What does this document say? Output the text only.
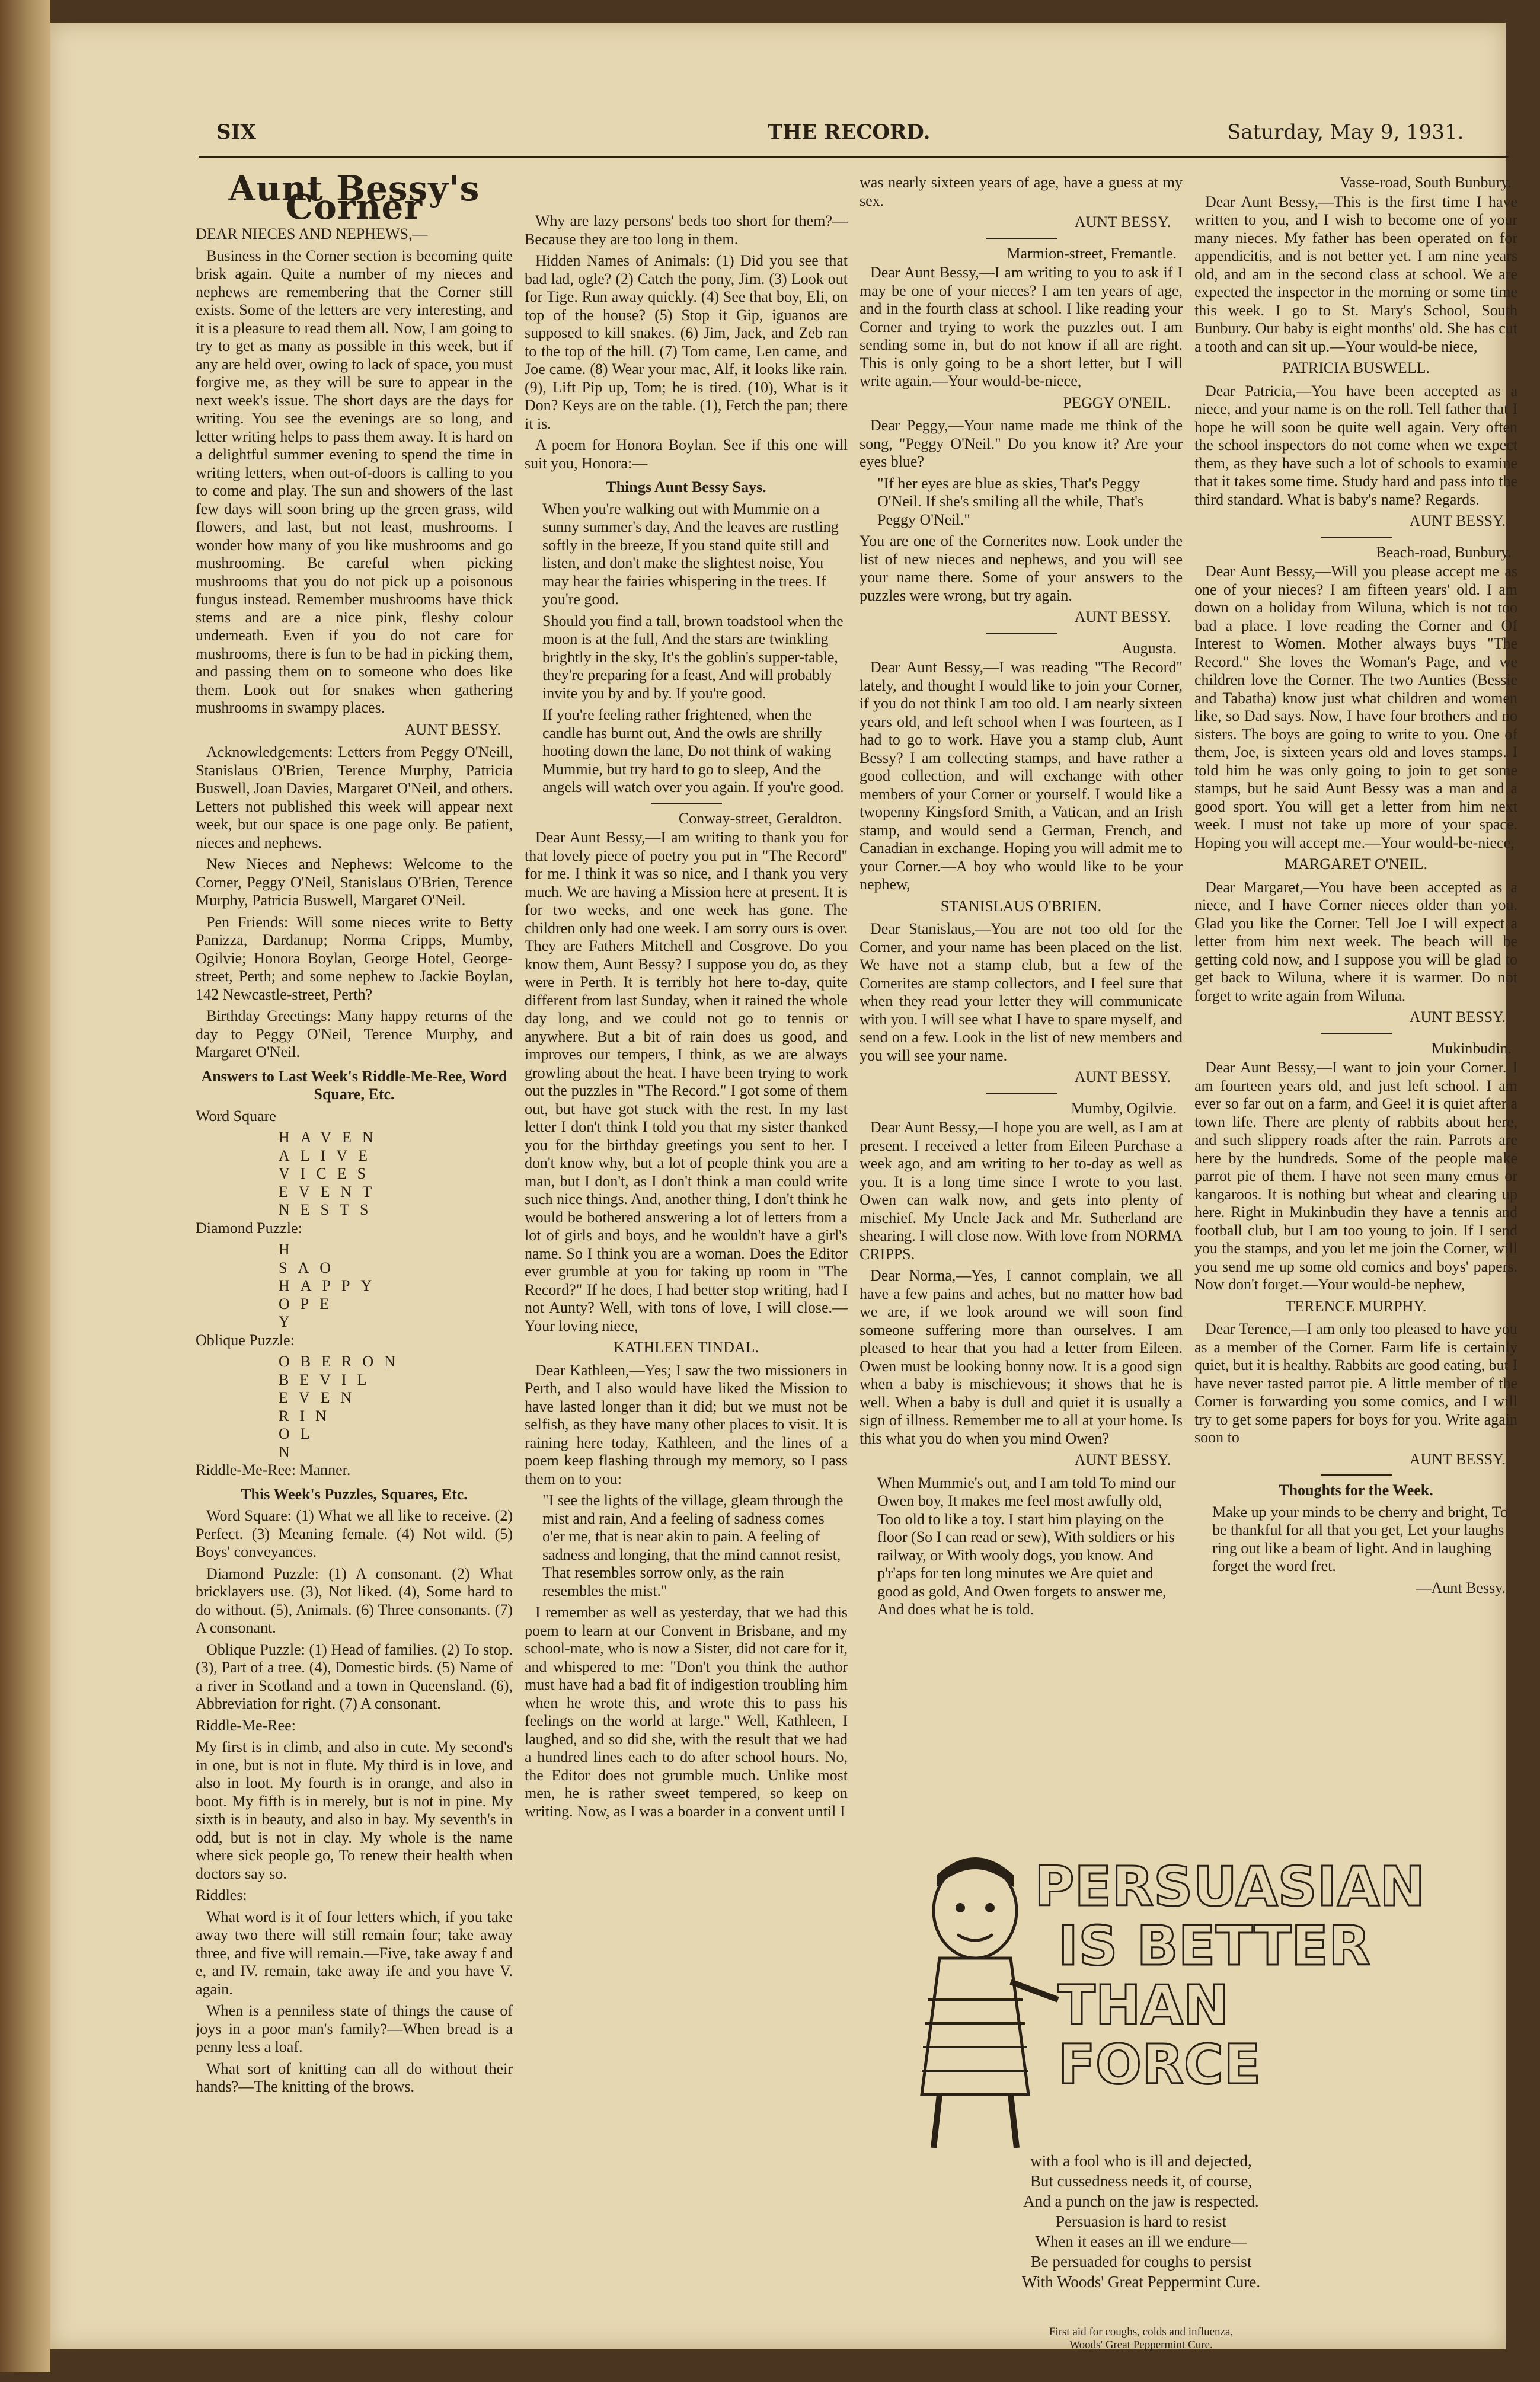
SIX	THE RECORD.	Saturday, May 9, 1931.
Aunt Bessy's Corner

DEAR NIECES AND NEPHEWS,—

Business in the Corner section is becoming quite brisk again. Quite a number of my nieces and nephews are remembering that the Corner still exists. Some of the letters are very interesting, and it is a pleasure to read them all. Now, I am going to try to get as many as possible in this week, but if any are held over, owing to lack of space, you must forgive me, as they will be sure to appear in the next week's issue. The short days are the days for writing. You see the evenings are so long, and letter writing helps to pass them away. It is hard on a delightful summer evening to spend the time in writing letters, when out-of-doors is calling to you to come and play. The sun and showers of the last few days will soon bring up the green grass, wild flowers, and last, but not least, mushrooms. I wonder how many of you like mushrooms and go mushrooming. Be careful when picking mushrooms that you do not pick up a poisonous fungus instead. Remember mushrooms have thick stems and are a nice pink, fleshy colour underneath. Even if you do not care for mushrooms, there is fun to be had in picking them, and passing them on to someone who does like them. Look out for snakes when gathering mushrooms in swampy places.

AUNT BESSY.

Acknowledgements: Letters from Peggy O'Neill, Stanislaus O'Brien, Terence Murphy, Patricia Buswell, Joan Davies, Margaret O'Neil, and others. Letters not published this week will appear next week, but our space is one page only. Be patient, nieces and nephews.

New Nieces and Nephews: Welcome to the Corner, Peggy O'Neil, Stanislaus O'Brien, Terence Murphy, Patricia Buswell, Margaret O'Neil.

Pen Friends: Will some nieces write to Betty Panizza, Dardanup; Norma Cripps, Mumby, Ogilvie; Honora Boylan, George Hotel, George-street, Perth; and some nephew to Jackie Boylan, 142 Newcastle-street, Perth?

Birthday Greetings: Many happy returns of the day to Peggy O'Neil, Terence Murphy, and Margaret O'Neil.

Answers to Last Week's Riddle-Me-Ree, Word Square, Etc.

Word Square

HAVEN
ALIVE
VICES
EVENT
NESTS

Diamond Puzzle:

H
SAO
HAPPY
OPE
Y

Oblique Puzzle:

OBERON
BEVIL
EVEN
RIN
OL
N

Riddle-Me-Ree: Manner.

This Week's Puzzles, Squares, Etc.

Word Square: (1) What we all like to receive. (2) Perfect. (3) Meaning female. (4) Not wild. (5) Boys' conveyances.

Diamond Puzzle: (1) A consonant. (2) What bricklayers use. (3), Not liked. (4), Some hard to do without. (5), Animals. (6) Three consonants. (7) A consonant.

Oblique Puzzle: (1) Head of families. (2) To stop. (3), Part of a tree. (4), Domestic birds. (5) Name of a river in Scotland and a town in Queensland. (6), Abbreviation for right. (7) A consonant.

Riddle-Me-Ree:

My first is in climb, and also in cute. My second's in one, but is not in flute. My third is in love, and also in loot. My fourth is in orange, and also in boot. My fifth is in merely, but is not in pine. My sixth is in beauty, and also in bay. My seventh's in odd, but is not in clay. My whole is the name where sick people go, To renew their health when doctors say so.

Riddles:

What word is it of four letters which, if you take away two there will still remain four; take away three, and five will remain.—Five, take away f and e, and IV. remain, take away ife and you have V. again.

When is a penniless state of things the cause of joys in a poor man's family?—When bread is a penny less a loaf.

What sort of knitting can all do without their hands?—The knitting of the brows.

Why are lazy persons' beds too short for them?—Because they are too long in them.

Hidden Names of Animals: (1) Did you see that bad lad, ogle? (2) Catch the pony, Jim. (3) Look out for Tige. Run away quickly. (4) See that boy, Eli, on top of the house? (5) Stop it Gip, iguanos are supposed to kill snakes. (6) Jim, Jack, and Zeb ran to the top of the hill. (7) Tom came, Len came, and Joe came. (8) Wear your mac, Alf, it looks like rain. (9), Lift Pip up, Tom; he is tired. (10), What is it Don? Keys are on the table. (1), Fetch the pan; there it is.

A poem for Honora Boylan. See if this one will suit you, Honora:—

Things Aunt Bessy Says.
When you're walking out with Mummie on a sunny summer's day, And the leaves are rustling softly in the breeze, If you stand quite still and listen, and don't make the slightest noise, You may hear the fairies whispering in the trees. If you're good.
Should you find a tall, brown toadstool when the moon is at the full, And the stars are twinkling brightly in the sky, It's the goblin's supper-table, they're preparing for a feast, And will probably invite you by and by. If you're good.
If you're feeling rather frightened, when the candle has burnt out, And the owls are shrilly hooting down the lane, Do not think of waking Mummie, but try hard to go to sleep, And the angels will watch over you again. If you're good.
Conway-street, Geraldton.

Dear Aunt Bessy,—I am writing to thank you for that lovely piece of poetry you put in "The Record" for me. I think it was so nice, and I thank you very much. We are having a Mission here at present. It is for two weeks, and one week has gone. The children only had one week. I am sorry ours is over. They are Fathers Mitchell and Cosgrove. Do you know them, Aunt Bessy? I suppose you do, as they were in Perth. It is terribly hot here to-day, quite different from last Sunday, when it rained the whole day long, and we could not go to tennis or anywhere. But a bit of rain does us good, and improves our tempers, I think, as we are always growling about the heat. I have been trying to work out the puzzles in "The Record." I got some of them out, but have got stuck with the rest. In my last letter I don't think I told you that my sister thanked you for the birthday greetings you sent to her. I don't know why, but a lot of people think you are a man, but I don't, as I don't think a man could write such nice things. And, another thing, I don't think he would be bothered answering a lot of letters from a lot of girls and boys, and he wouldn't have a girl's name. So I think you are a woman. Does the Editor ever grumble at you for taking up room in "The Record?" If he does, I had better stop writing, had I not Aunty? Well, with tons of love, I will close.—Your loving niece,

KATHLEEN TINDAL.

Dear Kathleen,—Yes; I saw the two missioners in Perth, and I also would have liked the Mission to have lasted longer than it did; but we must not be selfish, as they have many other places to visit. It is raining here today, Kathleen, and the lines of a poem keep flashing through my memory, so I pass them on to you:

"I see the lights of the village, gleam through the mist and rain, And a feeling of sadness comes o'er me, that is near akin to pain. A feeling of sadness and longing, that the mind cannot resist, That resembles sorrow only, as the rain resembles the mist."

I remember as well as yesterday, that we had this poem to learn at our Convent in Brisbane, and my school-mate, who is now a Sister, did not care for it, and whispered to me: "Don't you think the author must have had a bad fit of indigestion troubling him when he wrote this, and wrote this to pass his feelings on the world at large." Well, Kathleen, I laughed, and so did she, with the result that we had a hundred lines each to do after school hours. No, the Editor does not grumble much. Unlike most men, he is rather sweet tempered, so keep on writing. Now, as I was a boarder in a convent until I

was nearly sixteen years of age, have a guess at my sex.

AUNT BESSY.
Marmion-street, Fremantle.

Dear Aunt Bessy,—I am writing to you to ask if I may be one of your nieces? I am ten years of age, and in the fourth class at school. I like reading your Corner and trying to work the puzzles out. I am sending some in, but do not know if all are right. This is only going to be a short letter, but I will write again.—Your would-be-niece,

PEGGY O'NEIL.

Dear Peggy,—Your name made me think of the song, "Peggy O'Neil." Do you know it? Are your eyes blue?

"If her eyes are blue as skies, That's Peggy O'Neil. If she's smiling all the while, That's Peggy O'Neil."

You are one of the Cornerites now. Look under the list of new nieces and nephews, and you will see your name there. Some of your answers to the puzzles were wrong, but try again.

AUNT BESSY.
Augusta.

Dear Aunt Bessy,—I was reading "The Record" lately, and thought I would like to join your Corner, if you do not think I am too old. I am nearly sixteen years old, and left school when I was fourteen, as I had to go to work. Have you a stamp club, Aunt Bessy? I am collecting stamps, and have rather a good collection, and will exchange with other members of your Corner or yourself. I would like a twopenny Kingsford Smith, a Vatican, and an Irish stamp, and would send a German, French, and Canadian in exchange. Hoping you will admit me to your Corner.—A boy who would like to be your nephew,

STANISLAUS O'BRIEN.

Dear Stanislaus,—You are not too old for the Corner, and your name has been placed on the list. We have not a stamp club, but a few of the Cornerites are stamp collectors, and I feel sure that when they read your letter they will communicate with you. I will see what I have to spare myself, and send on a few. Look in the list of new members and you will see your name.

AUNT BESSY.
Mumby, Ogilvie.

Dear Aunt Bessy,—I hope you are well, as I am at present. I received a letter from Eileen Purchase a week ago, and am writing to her to-day as well as you. It is a long time since I wrote to you last. Owen can walk now, and gets into plenty of mischief. My Uncle Jack and Mr. Sutherland are shearing. I will close now. With love from NORMA CRIPPS.

Dear Norma,—Yes, I cannot complain, we all have a few pains and aches, but no matter how bad we are, if we look around we will soon find someone suffering more than ourselves. I am pleased to hear that you had a letter from Eileen. Owen must be looking bonny now. It is a good sign when a baby is mischievous; it shows that he is well. When a baby is dull and quiet it is usually a sign of illness. Remember me to all at your home. Is this what you do when you mind Owen?

AUNT BESSY.
When Mummie's out, and I am told To mind our Owen boy, It makes me feel most awfully old, Too old to like a toy. I start him playing on the floor (So I can read or sew), With soldiers or his railway, or With wooly dogs, you know. And p'r'aps for ten long minutes we Are quiet and good as gold, And Owen forgets to answer me, And does what he is told.
Vasse-road, South Bunbury.

Dear Aunt Bessy,—This is the first time I have written to you, and I wish to become one of your many nieces. My father has been operated on for appendicitis, and is not better yet. I am nine years old, and am in the second class at school. We are expected the inspector in the morning or some time this week. I go to St. Mary's School, South Bunbury. Our baby is eight months' old. She has cut a tooth and can sit up.—Your would-be niece,

PATRICIA BUSWELL.

Dear Patricia,—You have been accepted as a niece, and your name is on the roll. Tell father that I hope he will soon be quite well again. Very often the school inspectors do not come when we expect them, as they have such a lot of schools to examine that it takes some time. Study hard and pass into the third standard. What is baby's name? Regards.

AUNT BESSY.
Beach-road, Bunbury.

Dear Aunt Bessy,—Will you please accept me as one of your nieces? I am fifteen years' old. I am down on a holiday from Wiluna, which is not too bad a place. I love reading the Corner and Of Interest to Women. Mother always buys "The Record." She loves the Woman's Page, and we children love the Corner. The two Aunties (Bessie and Tabatha) know just what children and women like, so Dad says. Now, I have four brothers and no sisters. The boys are going to write to you. One of them, Joe, is sixteen years old and loves stamps. I told him he was only going to join to get some stamps, but he said Aunt Bessy was a man and a good sport. You will get a letter from him next week. I must not take up more of your space. Hoping you will accept me.—Your would-be-niece,

MARGARET O'NEIL.

Dear Margaret,—You have been accepted as a niece, and I have Corner nieces older than you. Glad you like the Corner. Tell Joe I will expect a letter from him next week. The beach will be getting cold now, and I suppose you will be glad to get back to Wiluna, where it is warmer. Do not forget to write again from Wiluna.

AUNT BESSY.
Mukinbudin.

Dear Aunt Bessy,—I want to join your Corner. I am fourteen years old, and just left school. I am ever so far out on a farm, and Gee! it is quiet after a town life. There are plenty of rabbits about here, and such slippery roads after the rain. Parrots are here by the hundreds. Some of the people make parrot pie of them. I have not seen many emus or kangaroos. It is nothing but wheat and clearing up here. Right in Mukinbudin they have a tennis and football club, but I am too young to join. If I send you the stamps, and you let me join the Corner, will you send me up some old comics and boys' papers. Now don't forget.—Your would-be nephew,

TERENCE MURPHY.

Dear Terence,—I am only too pleased to have you as a member of the Corner. Farm life is certainly quiet, but it is healthy. Rabbits are good eating, but I have never tasted parrot pie. A little member of the Corner is forwarding you some comics, and I will try to get some papers for boys for you. Write again soon to

AUNT BESSY.
Thoughts for the Week.
Make up your minds to be cherry and bright, To be thankful for all that you get, Let your laughs ring out like a beam of light. And in laughing forget the word fret.
—Aunt Bessy.
PERSUASIAN
IS BETTER
THAN FORCE
with a fool who is ill and dejected,
But cussedness needs it, of course,
And a punch on the jaw is respected.
Persuasion is hard to resist
When it eases an ill we endure—
Be persuaded for coughs to persist
With Woods' Great Peppermint Cure.
First aid for coughs, colds and influenza,
Woods' Great Peppermint Cure.
